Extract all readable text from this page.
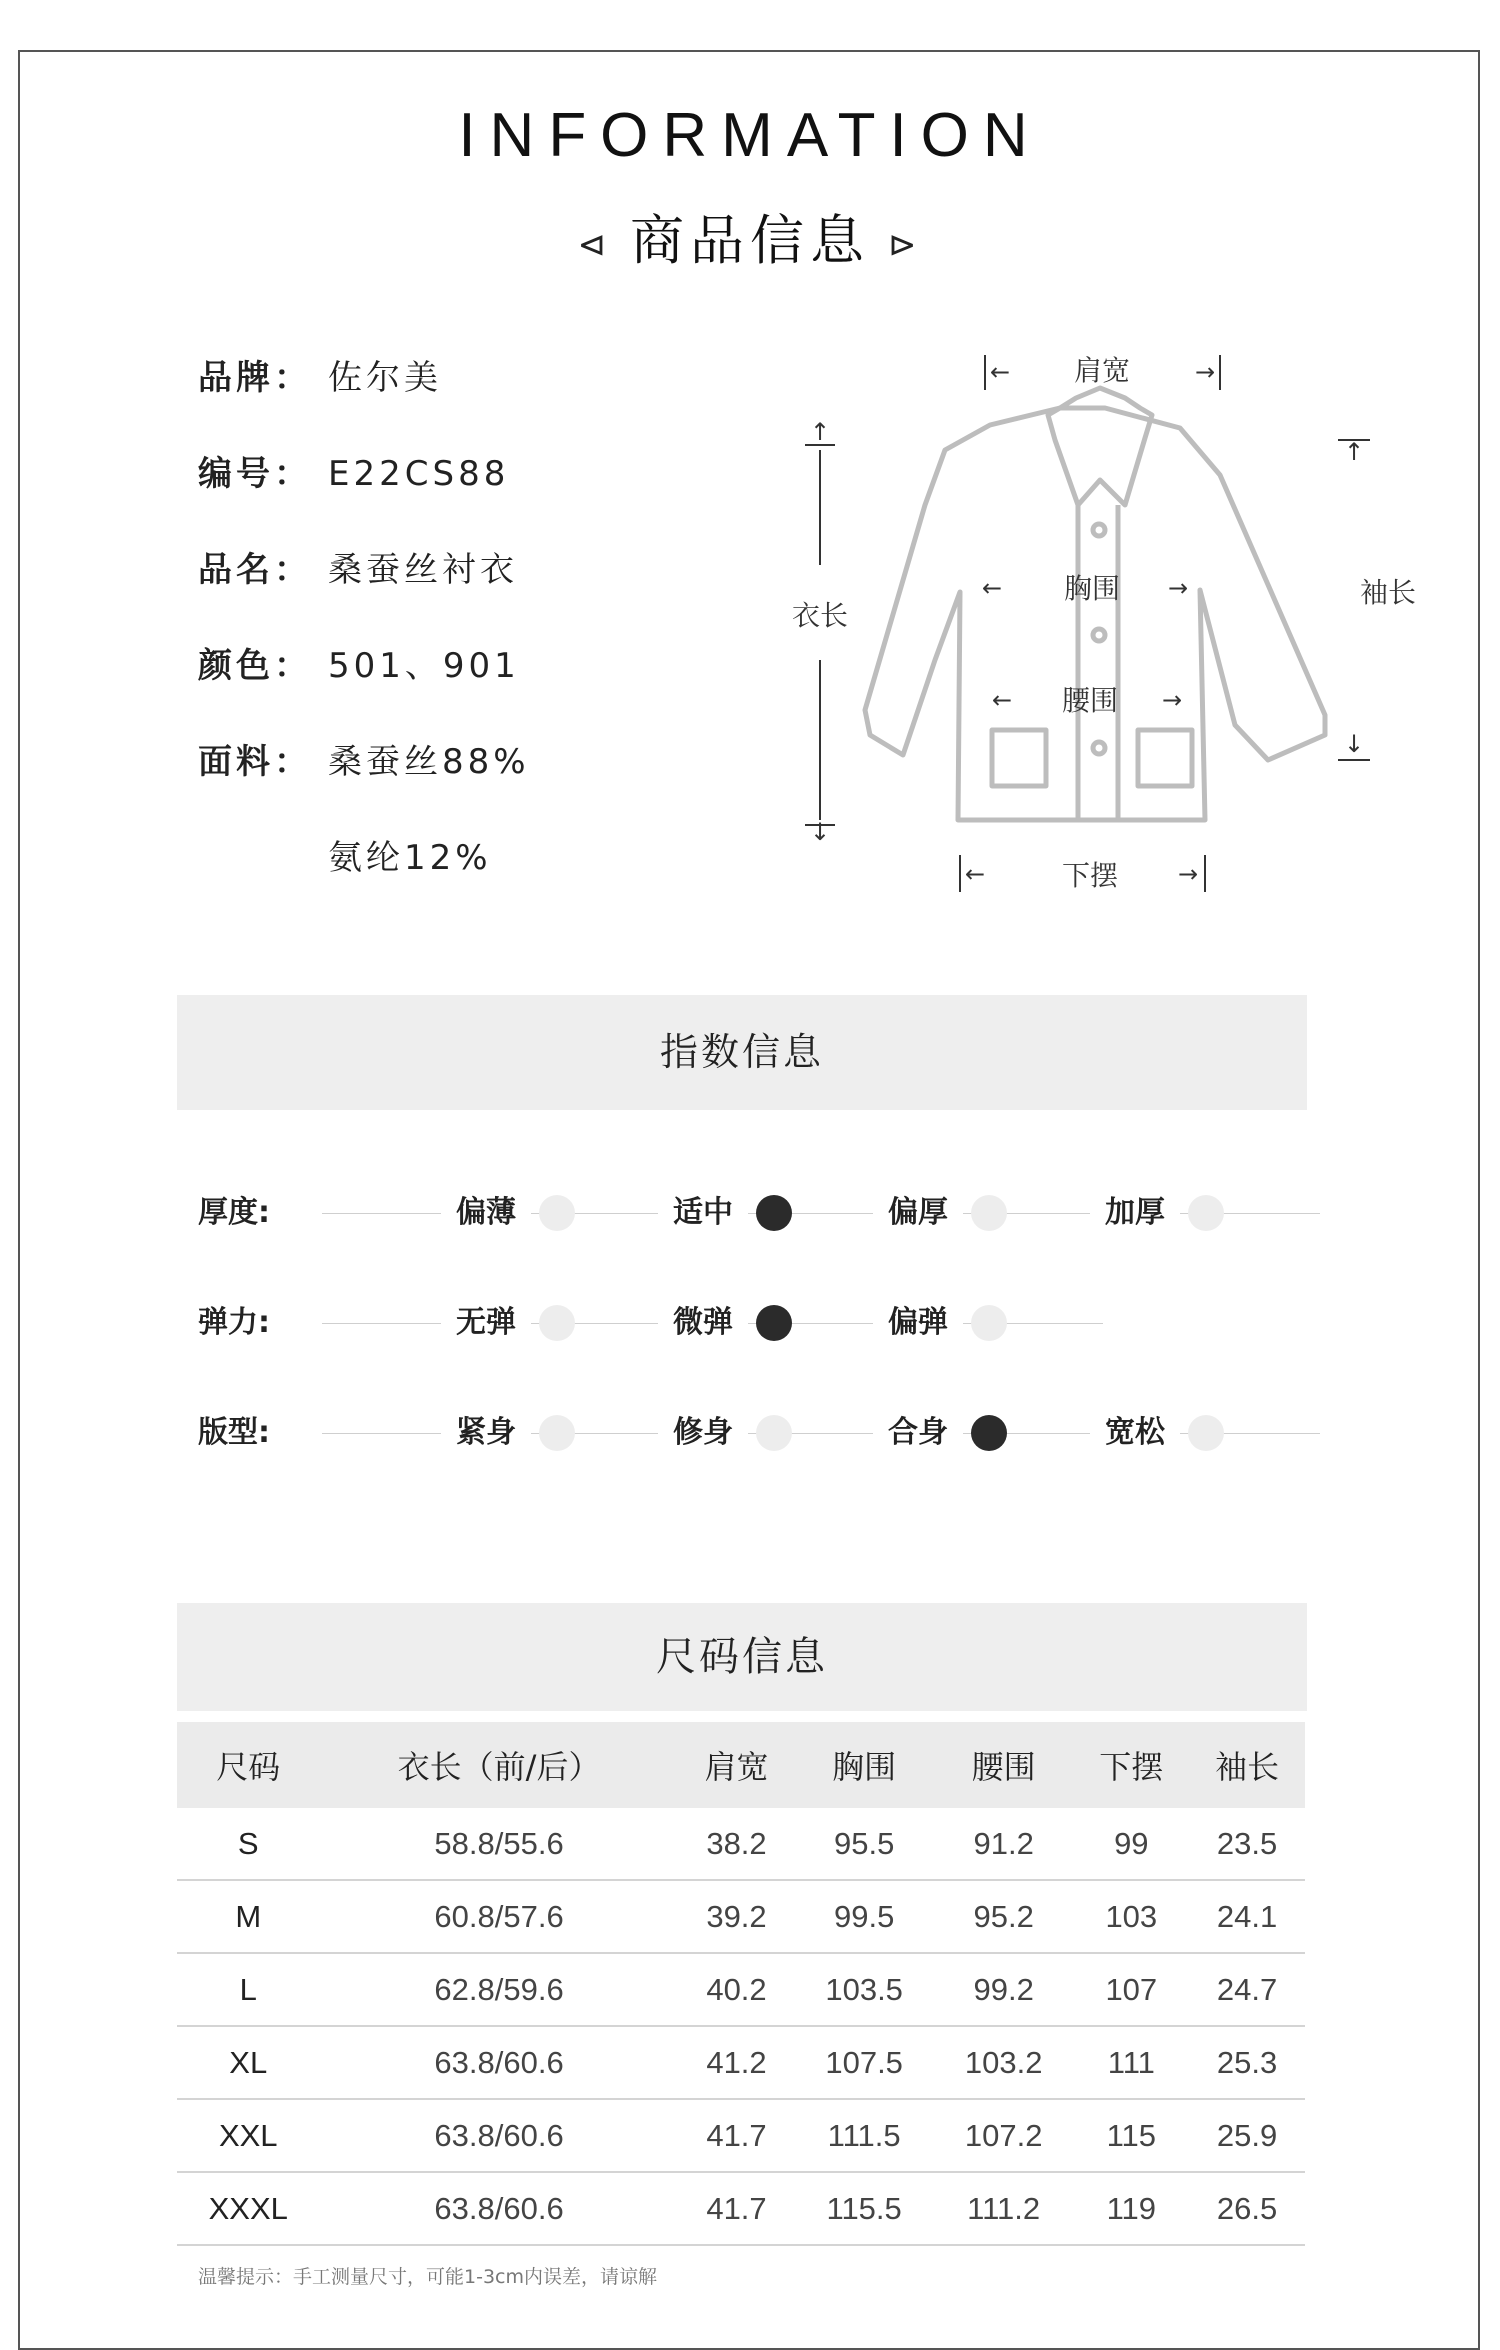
INFORMATION
⊲ 商品信息 ⊳
品牌： 佐尔美
编号： E22CS88
品名： 桑蚕丝衬衣
颜色： 501、901
面料： 桑蚕丝88%
氨纶12%
←	→
↑
↓
↑
↓
←	→
←	→
←	→
肩宽
衣长
胸围
腰围
下摆
袖长
指数信息
厚度:	偏薄	适中	偏厚	加厚
弹力:	无弹	微弹	偏弹
版型:	紧身	修身	合身	宽松
尺码信息
尺码	衣长（前/后）	肩宽	胸围	腰围	下摆	袖长
S	58.8/55.6	38.2	95.5	91.2	99	23.5
M	60.8/57.6	39.2	99.5	95.2	103	24.1
L	62.8/59.6	40.2	103.5	99.2	107	24.7
XL	63.8/60.6	41.2	107.5	103.2	111	25.3
XXL	63.8/60.6	41.7	111.5	107.2	115	25.9
XXXL	63.8/60.6	41.7	115.5	111.2	119	26.5
温馨提示：手工测量尺寸，可能1-3cm内误差，请谅解
